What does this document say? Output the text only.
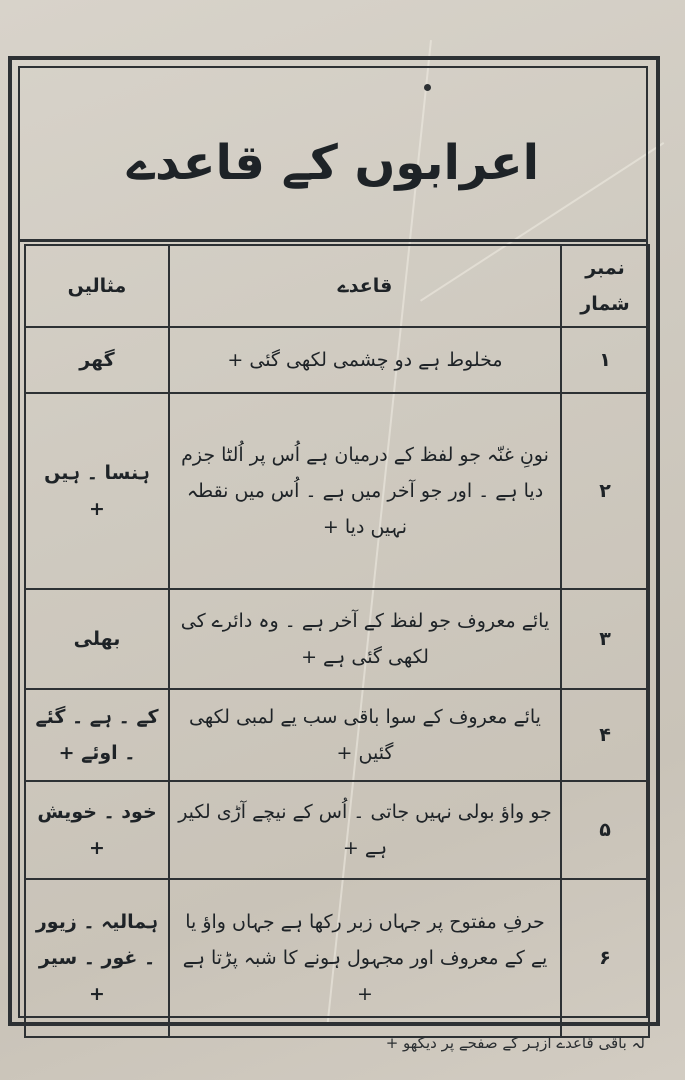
اعرابوں کے قاعدے
نمبر شمار	قاعدے	مثالیں
۱	مخلوط ہے دو چشمی لکھی گئی +	گھر
۲	نونِ غنّہ جو لفظ کے درمیان ہے اُس پر اُلٹا جزم دیا ہے ۔ اور جو آخر میں ہے ۔ اُس میں نقطہ نہیں دیا +	ہنسا ۔ ہیں +
۳	یائے معروف جو لفظ کے آخر ہے ۔ وہ دائرے کی لکھی گئی ہے +	بھلی
۴	یائے معروف کے سوا باقی سب یے لمبی لکھی گئیں +	کے ۔ ہے ۔ گئے ۔ اوئے +
۵	جو واؤ بولی نہیں جاتی ۔ اُس کے نیچے آڑی لکیر ہے +	خود ۔ خویش +
۶	حرفِ مفتوح پر جہاں زبر رکھا ہے جہاں واؤ یا یے کے معروف اور مجہول ہونے کا شبہ پڑتا ہے +	ہمالیہ ۔ زیور ۔ غور ۔ سیر +
لہ باقی قاعدے ازہر کے صفحے پر دیکھو +
